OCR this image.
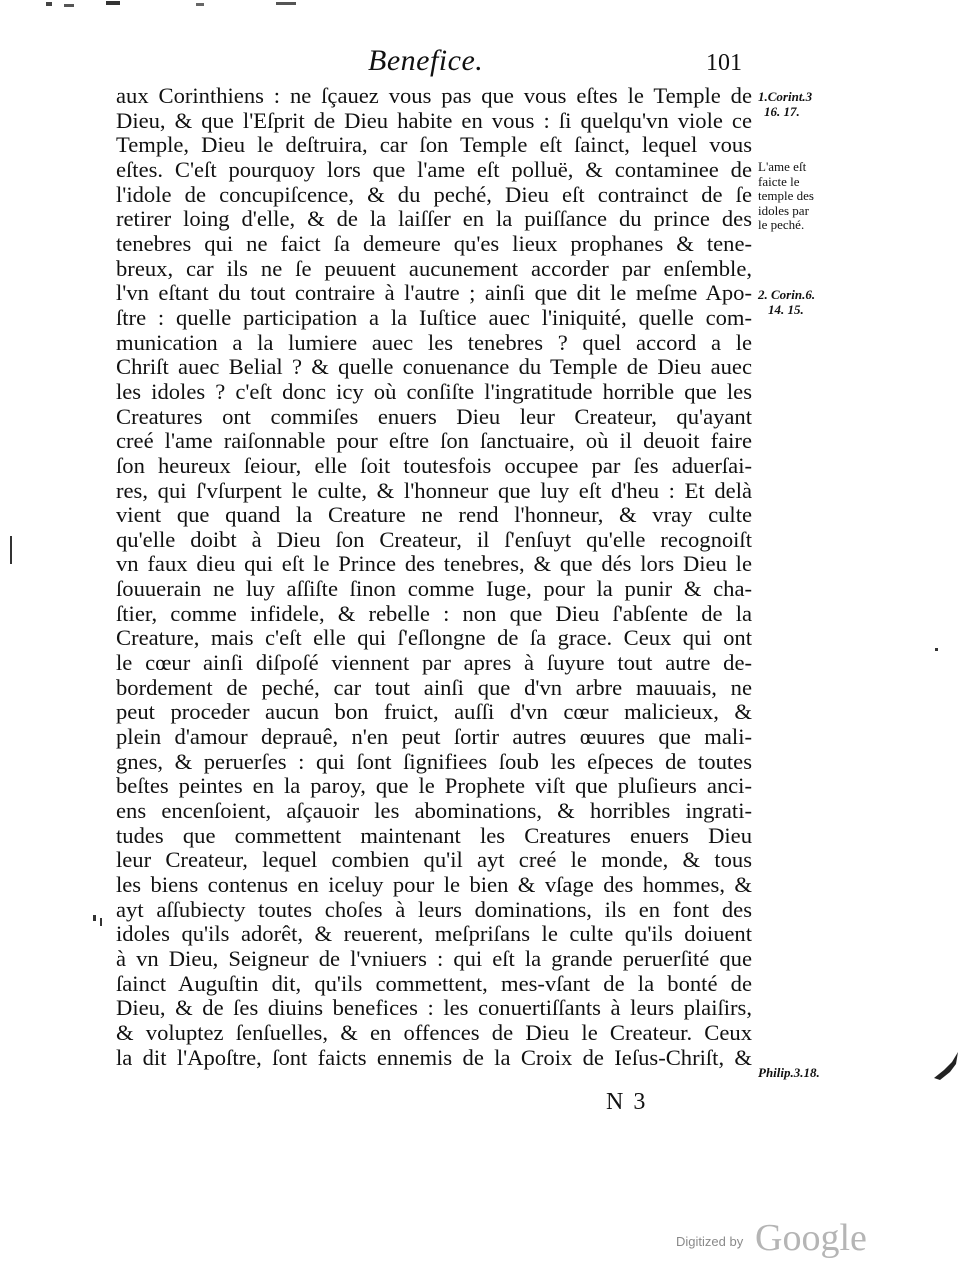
Benefice.	101
aux Corinthiens : ne ſçauez vous pas que vous eſtes le Temple de
Dieu, & que l'Eſprit de Dieu habite en vous : ſi quelqu'vn viole ce
Temple, Dieu le deſtruira, car ſon Temple eſt ſainct, lequel vous
eſtes. C'eſt pourquoy lors que l'ame eſt polluë, & contaminee de
l'idole de concupiſcence, & du peché, Dieu eſt contrainct de ſe
retirer loing d'elle, & de la laiſſer en la puiſſance du prince des
tenebres qui ne faict ſa demeure qu'es lieux prophanes & tene-
breux, car ils ne ſe peuuent aucunement accorder par enſemble,
l'vn eſtant du tout contraire à l'autre ; ainſi que dit le meſme Apo-
ſtre : quelle participation a la Iuſtice auec l'iniquité, quelle com-
munication a la lumiere auec les tenebres ? quel accord a le
Chriſt auec Belial ? & quelle conuenance du Temple de Dieu auec
les idoles ? c'eſt donc icy où conſiſte l'ingratitude horrible que les
Creatures ont commiſes enuers Dieu leur Createur, qu'ayant
creé l'ame raiſonnable pour eſtre ſon ſanctuaire, où il deuoit faire
ſon heureux ſeiour, elle ſoit toutesfois occupee par ſes aduerſai-
res, qui ſ'vſurpent le culte, & l'honneur que luy eſt d'heu : Et delà
vient que quand la Creature ne rend l'honneur, & vray culte
qu'elle doibt à Dieu ſon Createur, il ſ'enſuyt qu'elle recognoiſt
vn faux dieu qui eſt le Prince des tenebres, & que dés lors Dieu le
ſouuerain ne luy aſſiſte ſinon comme Iuge, pour la punir & cha-
ſtier, comme infidele, & rebelle : non que Dieu ſ'abſente de la
Creature, mais c'eſt elle qui ſ'eſlongne de ſa grace. Ceux qui ont
le cœur ainſi diſpoſé viennent par apres à ſuyure tout autre de-
bordement de peché, car tout ainſi que d'vn arbre mauuais, ne
peut proceder aucun bon fruict, auſſi d'vn cœur malicieux, &
plein d'amour deprauê, n'en peut ſortir autres œuures que mali-
gnes, & peruerſes : qui ſont ſignifiees ſoub les eſpeces de toutes
beſtes peintes en la paroy, que le Prophete viſt que pluſieurs anci-
ens encenſoient, aſçauoir les abominations, & horribles ingrati-
tudes que commettent maintenant les Creatures enuers Dieu
leur Createur, lequel combien qu'il ayt creé le monde, & tous
les biens contenus en iceluy pour le bien & vſage des hommes, &
ayt aſſubiecty toutes choſes à leurs dominations, ils en font des
idoles qu'ils adorêt, & reuerent, meſpriſans le culte qu'ils doiuent
à vn Dieu, Seigneur de l'vniuers : qui eſt la grande peruerſité que
ſainct Auguſtin dit, qu'ils commettent, mes-vſant de la bonté de
Dieu, & de ſes diuins benefices : les conuertiſſants à leurs plaiſirs,
& voluptez ſenſuelles, & en offences de Dieu le Createur. Ceux
la dit l'Apoſtre, ſont faicts ennemis de la Croix de Ieſus-Chriſt, &
1.Corint.3
16. 17.
L'ame eſt
faicte le
temple des
idoles par
le peché.
2. Corin.6.
14. 15.
Philip.3.18.
N 3
Digitized by Google
